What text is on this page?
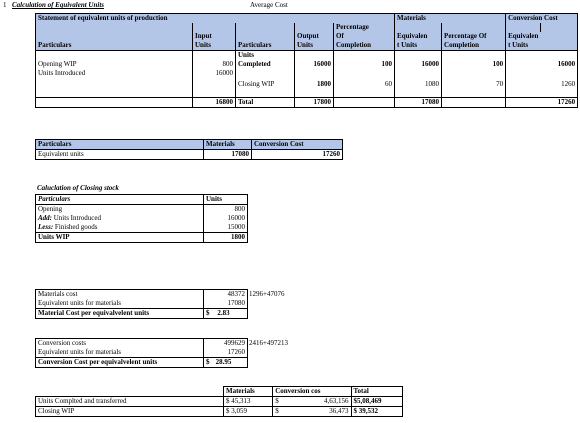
1 Calculation of Equivalent Units	Average Cost
Statement of equivalent units of production					Materials		Conversion Cost	
				Percentage				
	Input		Output	Of	Equivalen	Percentage Of	Equivalen	
Particulars	Units	Particulars	Units	Completion	t Units	Completion	t Units	
		Units						
Opening WIP	800	Completed	16000	100	16000	100	16000	
Units Introduced	16000							
		Closing WIP	1800	60	1080	70	1260	

	16800	Total	17800		17080		17260	
Particulars	Materials	Conversion Cost
Equivalent units	17080	17260
Caluclation of Closing stock
Particulars	Units
Opening	800
Add: Units Introduced	16000
Less: Finished goods	15000
Units WIP	1800
Materials cost	48372
Equivalent units for materials	17080
Material Cost per equivalvelent units	$ 2.83
1296+47076
Conversion costs	499629
Equivalent units for materials	17260
Conversion Cost per equivalvelent units	$ 28.95
2416+497213
	Materials	Conversion cos	Total
Units Complted and transferred	$ 45,313	$ 4,63,156	$5,08,469
Closing WIP	$ 3,059	$ 36,473	$ 39,532
